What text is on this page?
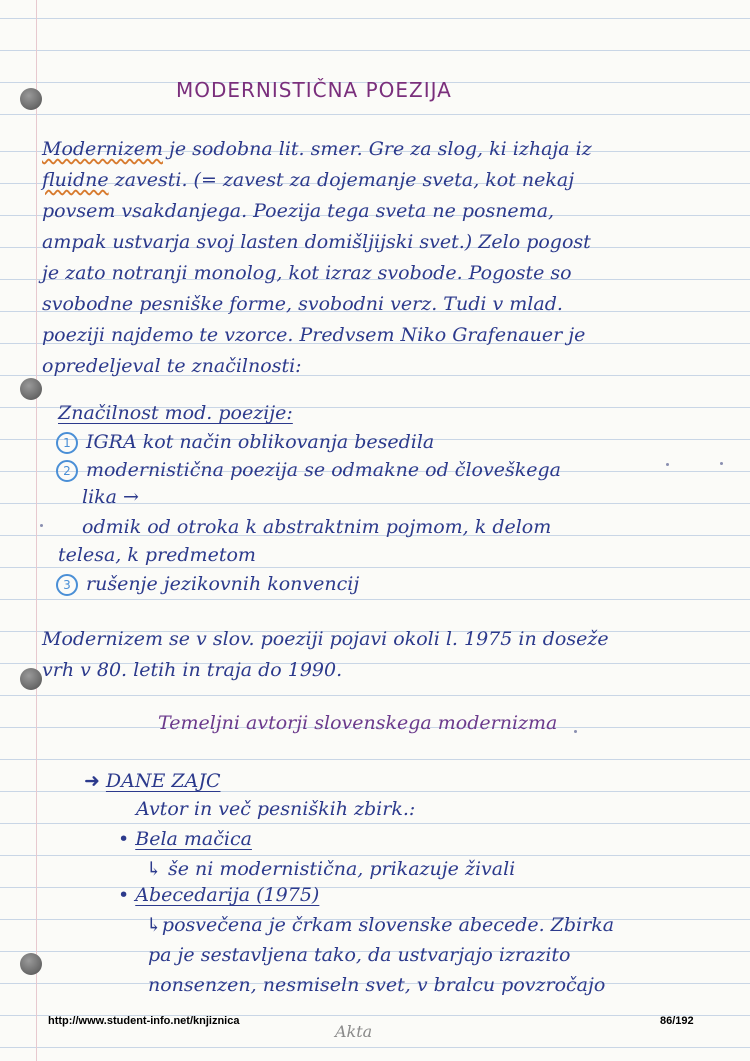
MODERNISTIČNA POEZIJA
Modernizem je sodobna lit. smer. Gre za slog, ki izhaja iz
fluidne zavesti. (= zavest za dojemanje sveta, kot nekaj
povsem vsakdanjega. Poezija tega sveta ne posnema,
ampak ustvarja svoj lasten domišljijski svet.) Zelo pogost
je zato notranji monolog, kot izraz svobode. Pogoste so
svobodne pesniške forme, svobodni verz. Tudi v mlad.
poeziji najdemo te vzorce. Predvsem Niko Grafenauer je
opredeljeval te značilnosti:
Značilnost mod. poezije:
1 IGRA kot način oblikovanja besedila
2 modernistična poezija se odmakne od človeškega
lika →
odmik od otroka k abstraktnim pojmom, k delom
telesa, k predmetom
3 rušenje jezikovnih konvencij
Modernizem se v slov. poeziji pojavi okoli l. 1975 in doseže
vrh v 80. letih in traja do 1990.
Temeljni avtorji slovenskega modernizma
➜ DANE ZAJC
Avtor in več pesniških zbirk.:
• Bela mačica
↳ še ni modernistična, prikazuje živali
• Abecedarija (1975)
↳posvečena je črkam slovenske abecede. Zbirka
pa je sestavljena tako, da ustvarjajo izrazito
nonsenzen, nesmiseln svet, v bralcu povzročajo
http://www.student-info.net/knjiznica	86/192
Akta
